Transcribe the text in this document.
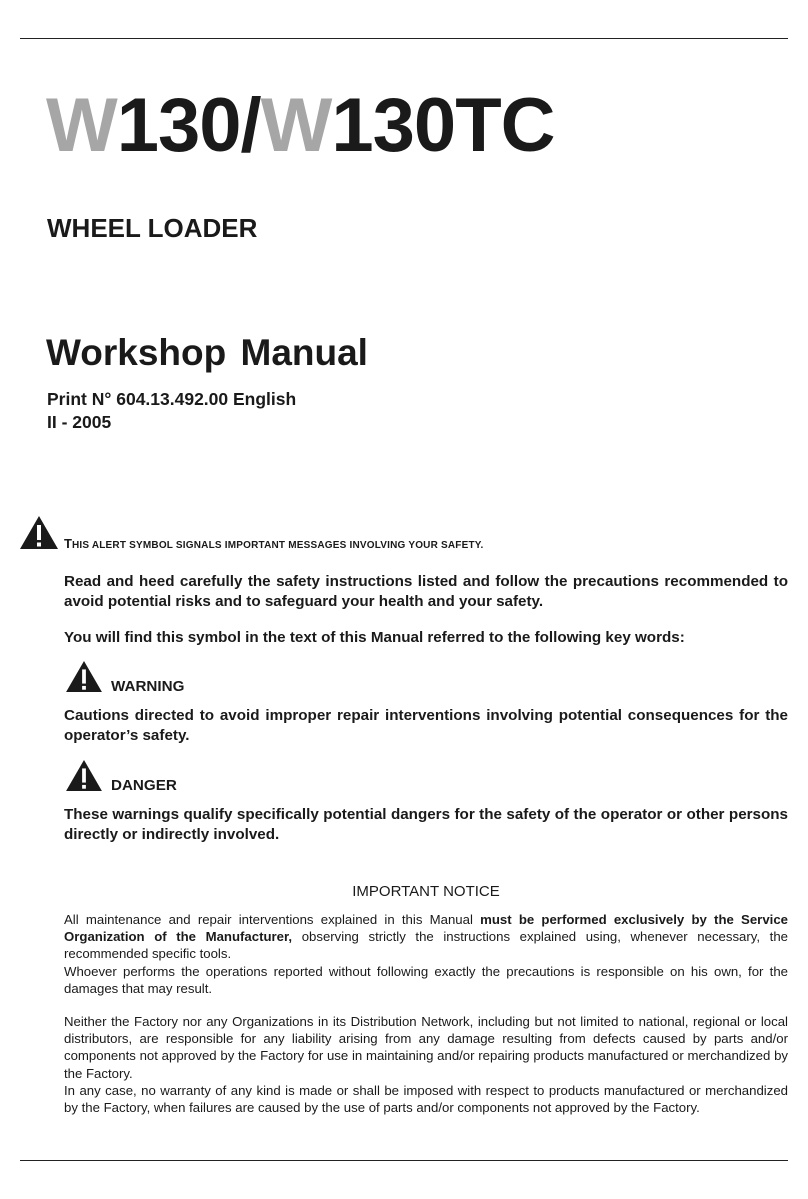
W130/W130TC
WHEEL LOADER
Workshop Manual
Print N° 604.13.492.00 English
II - 2005
THIS ALERT SYMBOL SIGNALS IMPORTANT MESSAGES INVOLVING YOUR SAFETY.
Read and heed carefully the safety instructions listed and follow the precautions recommended to avoid potential risks and to safeguard your health and your safety.
You will find this symbol in the text of this Manual referred to the following key words:
WARNING
Cautions directed to avoid improper repair interventions involving potential consequences for the operator’s safety.
DANGER
These warnings qualify specifically potential dangers for the safety of the operator or other persons directly or indirectly involved.
IMPORTANT NOTICE

All maintenance and repair interventions explained in this Manual must be performed exclusively by the Service Organization of the Manufacturer, observing strictly the instructions explained using, whenever necessary, the recommended specific tools.

Whoever performs the operations reported without following exactly the precautions is responsible on his own, for the damages that may result.

Neither the Factory nor any Organizations in its Distribution Network, including but not limited to national, regional or local distributors, are responsible for any liability arising from any damage resulting from defects caused by parts and/or components not approved by the Factory for use in maintaining and/or repairing products manufactured or merchandized by the Factory.

In any case, no warranty of any kind is made or shall be imposed with respect to products manufactured or merchandized by the Factory, when failures are caused by the use of parts and/or components not approved by the Factory.
